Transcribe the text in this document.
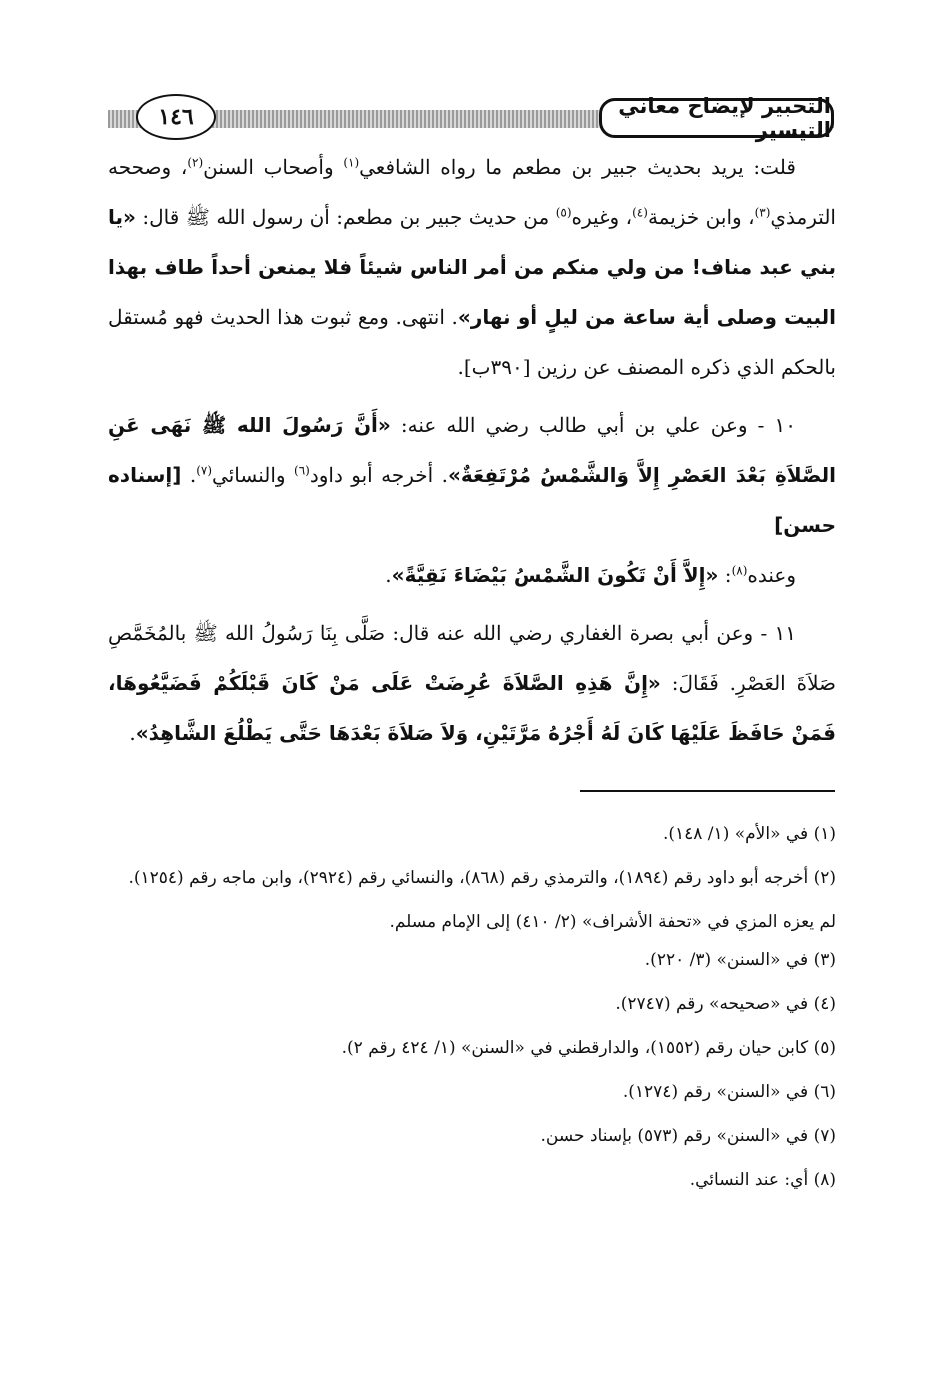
١٤٦	التحبير لإيضاح معاني التيسير

قلت: يريد بحديث جبير بن مطعم ما رواه الشافعي$^{(١)}$ وأصحاب السنن$^{(٢)}$، وصححه الترمذي$^{(٣)}$، وابن خزيمة$^{(٤)}$، وغيره$^{(٥)}$ من حديث جبير بن مطعم: أن رسول الله ﷺ قال: «يا بني عبد مناف! من ولي منكم من أمر الناس شيئاً فلا يمنعن أحداً طاف بهذا البيت وصلى أية ساعة من ليلٍ أو نهار». انتهى. ومع ثبوت هذا الحديث فهو مُستقل بالحكم الذي ذكره المصنف عن رزين [٣٩٠ب].

١٠ - وعن علي بن أبي طالب رضي الله عنه: «أَنَّ رَسُولَ الله ﷺ نَهَى عَنِ الصَّلاَةِ بَعْدَ العَصْرِ إِلاَّ وَالشَّمْسُ مُرْتَفِعَةٌ». أخرجه أبو داود$^{(٦)}$ والنسائي$^{(٧)}$. [إسناده حسن]

وعنده$^{(٨)}$: «إِلاَّ أَنْ تَكُونَ الشَّمْسُ بَيْضَاءَ نَقِيَّةً».

١١ - وعن أبي بصرة الغفاري رضي الله عنه قال: صَلَّى بِنَا رَسُولُ الله ﷺ بالمُخَمَّصِ صَلاَةَ العَصْرِ. فَقَالَ: «إِنَّ هَذِهِ الصَّلاَةَ عُرِضَتْ عَلَى مَنْ كَانَ قَبْلَكُمْ فَضَيَّعُوهَا، فَمَنْ حَافَظَ عَلَيْهَا كَانَ لَهُ أَجْرُهُ مَرَّتَيْنِ، وَلاَ صَلاَةَ بَعْدَهَا حَتَّى يَطْلُعَ الشَّاهِدُ».

(١) في «الأم» (١/ ١٤٨).

(٢) أخرجه أبو داود رقم (١٨٩٤)، والترمذي رقم (٨٦٨)، والنسائي رقم (٢٩٢٤)، وابن ماجه رقم (١٢٥٤).

لم يعزه المزي في «تحفة الأشراف» (٢/ ٤١٠) إلى الإمام مسلم.

(٣) في «السنن» (٣/ ٢٢٠).

(٤) في «صحيحه» رقم (٢٧٤٧).

(٥) كابن حيان رقم (١٥٥٢)، والدارقطني في «السنن» (١/ ٤٢٤ رقم ٢).

(٦) في «السنن» رقم (١٢٧٤).

(٧) في «السنن» رقم (٥٧٣) بإسناد حسن.

(٨) أي: عند النسائي.
